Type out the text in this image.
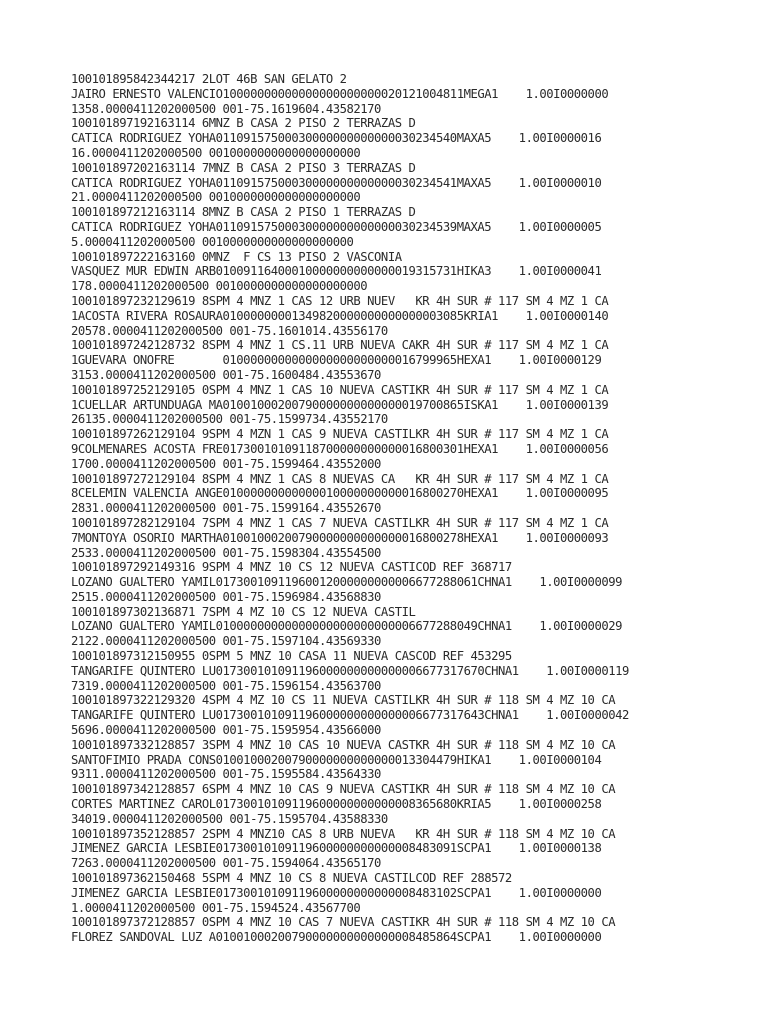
100101895842344217 2LOT 46B SAN GELATO 2
JAIRO ERNESTO VALENCIO10000000000000000000000020121004811MEGA1    1.00I0000000
1358.0000411202000500 001-75.1619604.43582170
100101897192163114 6MNZ B CASA 2 PISO 2 TERRAZAS D
CATICA RODRIGUEZ YOHA01109157500030000000000000030234540MAXA5    1.00I0000016
16.0000411202000500 0010000000000000000000
100101897202163114 7MNZ B CASA 2 PISO 3 TERRAZAS D
CATICA RODRIGUEZ YOHA01109157500030000000000000030234541MAXA5    1.00I0000010
21.0000411202000500 0010000000000000000000
100101897212163114 8MNZ B CASA 2 PISO 1 TERRAZAS D
CATICA RODRIGUEZ YOHA01109157500030000000000000030234539MAXA5    1.00I0000005
5.0000411202000500 0010000000000000000000
100101897222163160 0MNZ  F CS 13 PISO 2 VASCONIA
VASQUEZ MUR EDWIN ARB01009116400010000000000000019315731HIKA3    1.00I0000041
178.0000411202000500 0010000000000000000000
100101897232129619 8SPM 4 MNZ 1 CAS 12 URB NUEV   KR 4H SUR # 117 SM 4 MZ 1 CA
1ACOSTA RIVERA ROSAURA01000000001349820000000000000003085KRIA1    1.00I0000140
20578.0000411202000500 001-75.1601014.43556170
100101897242128732 8SPM 4 MNZ 1 CS.11 URB NUEVA CAKR 4H SUR # 117 SM 4 MZ 1 CA
1GUEVARA ONOFRE       0100000000000000000000000016799965HEXA1    1.00I0000129
3153.0000411202000500 001-75.1600484.43553670
100101897252129105 0SPM 4 MNZ 1 CAS 10 NUEVA CASTIKR 4H SUR # 117 SM 4 MZ 1 CA
1CUELLAR ARTUNDUAGA MA01001000200790000000000000019700865ISKA1    1.00I0000139
26135.0000411202000500 001-75.1599734.43552170
100101897262129104 9SPM 4 MZN 1 CAS 9 NUEVA CASTILKR 4H SUR # 117 SM 4 MZ 1 CA
9COLMENARES ACOSTA FRE01730010109118700000000000016800301HEXA1    1.00I0000056
1700.0000411202000500 001-75.1599464.43552000
100101897272129104 8SPM 4 MNZ 1 CAS 8 NUEVAS CA   KR 4H SUR # 117 SM 4 MZ 1 CA
8CELEMIN VALENCIA ANGE01000000000000010000000000016800270HEXA1    1.00I0000095
2831.0000411202000500 001-75.1599164.43552670
100101897282129104 7SPM 4 MNZ 1 CAS 7 NUEVA CASTILKR 4H SUR # 117 SM 4 MZ 1 CA
7MONTOYA OSORIO MARTHA01001000200790000000000000016800278HEXA1    1.00I0000093
2533.0000411202000500 001-75.1598304.43554500
100101897292149316 9SPM 4 MNZ 10 CS 12 NUEVA CASTICOD REF 368717
LOZANO GUALTERO YAMIL01730010911960012000000000006677288061CHNA1    1.00I0000099
2515.0000411202000500 001-75.1596984.43568830
100101897302136871 7SPM 4 MZ 10 CS 12 NUEVA CASTIL
LOZANO GUALTERO YAMIL01000000000000000000000000006677288049CHNA1    1.00I0000029
2122.0000411202000500 001-75.1597104.43569330
100101897312150955 0SPM 5 MNZ 10 CASA 11 NUEVA CASCOD REF 453295
TANGARIFE QUINTERO LU017300101091196000000000000006677317670CHNA1    1.00I0000119
7319.0000411202000500 001-75.1596154.43563700
100101897322129320 4SPM 4 MZ 10 CS 11 NUEVA CASTILKR 4H SUR # 118 SM 4 MZ 10 CA
TANGARIFE QUINTERO LU017300101091196000000000000006677317643CHNA1    1.00I0000042
5696.0000411202000500 001-75.1595954.43566000
100101897332128857 3SPM 4 MNZ 10 CAS 10 NUEVA CASTKR 4H SUR # 118 SM 4 MZ 10 CA
SANTOFIMIO PRADA CONS01001000200790000000000000013304479HIKA1    1.00I0000104
9311.0000411202000500 001-75.1595584.43564330
100101897342128857 6SPM 4 MNZ 10 CAS 9 NUEVA CASTIKR 4H SUR # 118 SM 4 MZ 10 CA
CORTES MARTINEZ CAROL01730010109119600000000000008365680KRIA5    1.00I0000258
34019.0000411202000500 001-75.1595704.43588330
100101897352128857 2SPM 4 MNZ10 CAS 8 URB NUEVA   KR 4H SUR # 118 SM 4 MZ 10 CA
JIMENEZ GARCIA LESBIE01730010109119600000000000008483091SCPA1    1.00I0000138
7263.0000411202000500 001-75.1594064.43565170
100101897362150468 5SPM 4 MNZ 10 CS 8 NUEVA CASTILCOD REF 288572
JIMENEZ GARCIA LESBIE01730010109119600000000000008483102SCPA1    1.00I0000000
1.0000411202000500 001-75.1594524.43567700
100101897372128857 0SPM 4 MNZ 10 CAS 7 NUEVA CASTIKR 4H SUR # 118 SM 4 MZ 10 CA
FLOREZ SANDOVAL LUZ A01001000200790000000000000008485864SCPA1    1.00I0000000
